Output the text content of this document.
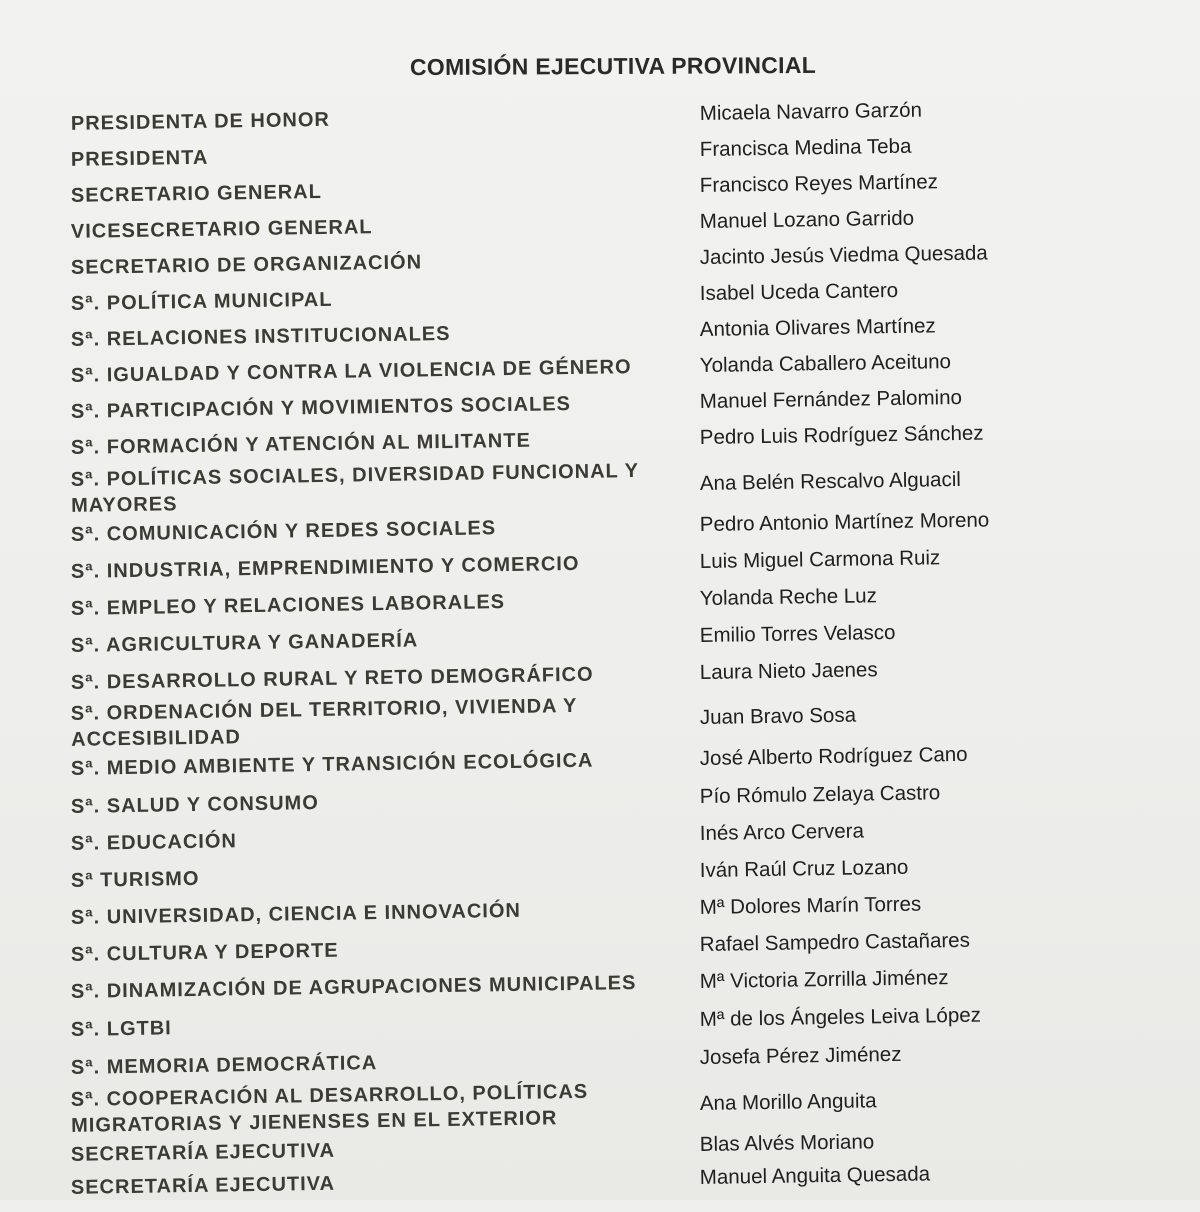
COMISIÓN EJECUTIVA PROVINCIAL
PRESIDENTA DE HONOR	Micaela Navarro Garzón
PRESIDENTA	Francisca Medina Teba
SECRETARIO GENERAL	Francisco Reyes Martínez
VICESECRETARIO GENERAL	Manuel Lozano Garrido
SECRETARIO DE ORGANIZACIÓN	Jacinto Jesús Viedma Quesada
Sª. POLÍTICA MUNICIPAL	Isabel Uceda Cantero
Sª. RELACIONES INSTITUCIONALES	Antonia Olivares Martínez
Sª. IGUALDAD Y CONTRA LA VIOLENCIA DE GÉNERO	Yolanda Caballero Aceituno
Sª. PARTICIPACIÓN Y MOVIMIENTOS SOCIALES	Manuel Fernández Palomino
Sª. FORMACIÓN Y ATENCIÓN AL MILITANTE	Pedro Luis Rodríguez Sánchez
Sª. POLÍTICAS SOCIALES, DIVERSIDAD FUNCIONAL Y MAYORES
Ana Belén Rescalvo Alguacil
Sª. COMUNICACIÓN Y REDES SOCIALES	Pedro Antonio Martínez Moreno
Sª. INDUSTRIA, EMPRENDIMIENTO Y COMERCIO	Luis Miguel Carmona Ruiz
Sª. EMPLEO Y RELACIONES LABORALES	Yolanda Reche Luz
Sª. AGRICULTURA Y GANADERÍA	Emilio Torres Velasco
Sª. DESARROLLO RURAL Y RETO DEMOGRÁFICO	Laura Nieto Jaenes
Sª. ORDENACIÓN DEL TERRITORIO, VIVIENDA Y ACCESIBILIDAD
Juan Bravo Sosa
Sª. MEDIO AMBIENTE Y TRANSICIÓN ECOLÓGICA	José Alberto Rodríguez Cano
Sª. SALUD Y CONSUMO	Pío Rómulo Zelaya Castro
Sª. EDUCACIÓN	Inés Arco Cervera
Sª TURISMO	Iván Raúl Cruz Lozano
Sª. UNIVERSIDAD, CIENCIA E INNOVACIÓN	Mª Dolores Marín Torres
Sª. CULTURA Y DEPORTE	Rafael Sampedro Castañares
Sª. DINAMIZACIÓN DE AGRUPACIONES MUNICIPALES	Mª Victoria Zorrilla Jiménez
Sª. LGTBI	Mª de los Ángeles Leiva López
Sª. MEMORIA DEMOCRÁTICA	Josefa Pérez Jiménez
Sª. COOPERACIÓN AL DESARROLLO, POLÍTICAS MIGRATORIAS Y JIENENSES EN EL EXTERIOR
Ana Morillo Anguita
SECRETARÍA EJECUTIVA	Blas Alvés Moriano
SECRETARÍA EJECUTIVA	Manuel Anguita Quesada
